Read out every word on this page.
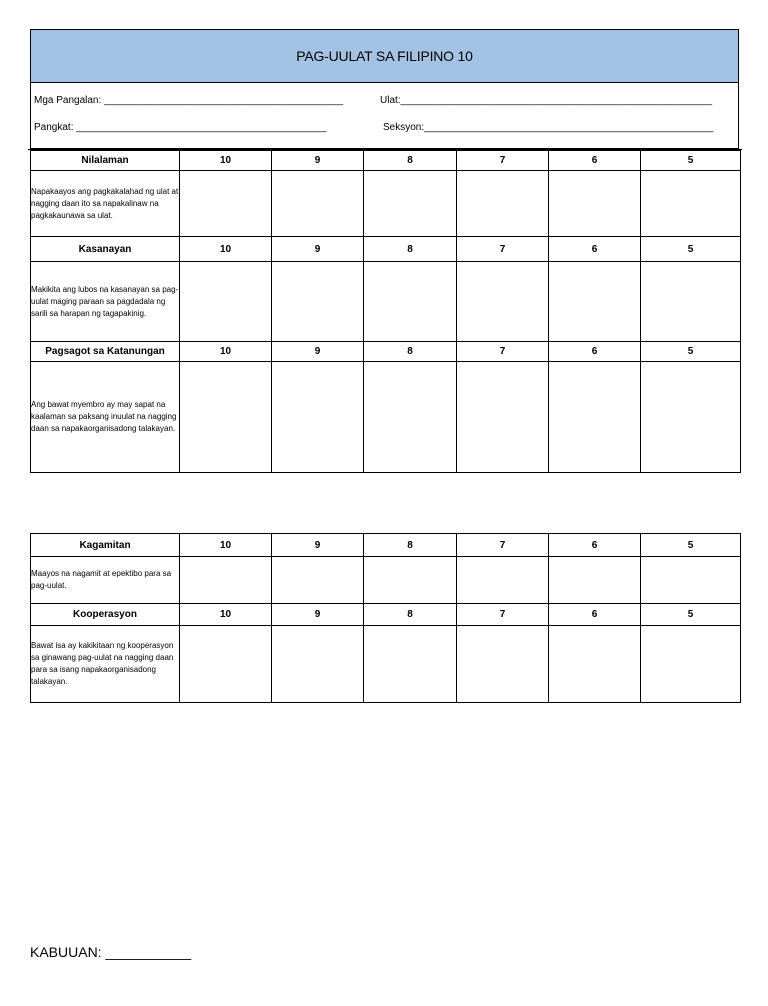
PAG-UULAT SA FILIPINO 10
Mga Pangalan: ___________________________________________	Ulat:________________________________________________________
Pangkat: _____________________________________________	Seksyon:____________________________________________________
Nilalaman	10	9	8	7	6	5
Napakaayos ang pagkakalahad ng ulat at nagging daan ito sa napakalinaw na pagkakaunawa sa ulat.						
Kasanayan	10	9	8	7	6	5
Makikita ang lubos na kasanayan sa pag-uulat maging paraan sa pagdadala ng sarili sa harapan ng tagapakinig.						
Pagsagot sa Katanungan	10	9	8	7	6	5
Ang bawat myembro ay may sapat na kaalaman sa paksang inuulat na nagging daan sa napakaorganisadong talakayan.						
Kagamitan	10	9	8	7	6	5
Maayos na nagamit at epektibo para sa pag-uulat.						
Kooperasyon	10	9	8	7	6	5
Bawat isa ay kakikitaan ng kooperasyon sa ginawang pag-uulat na nagging daan para sa isang napakaorganisadong talakayan.						
KABUUAN: ___________
